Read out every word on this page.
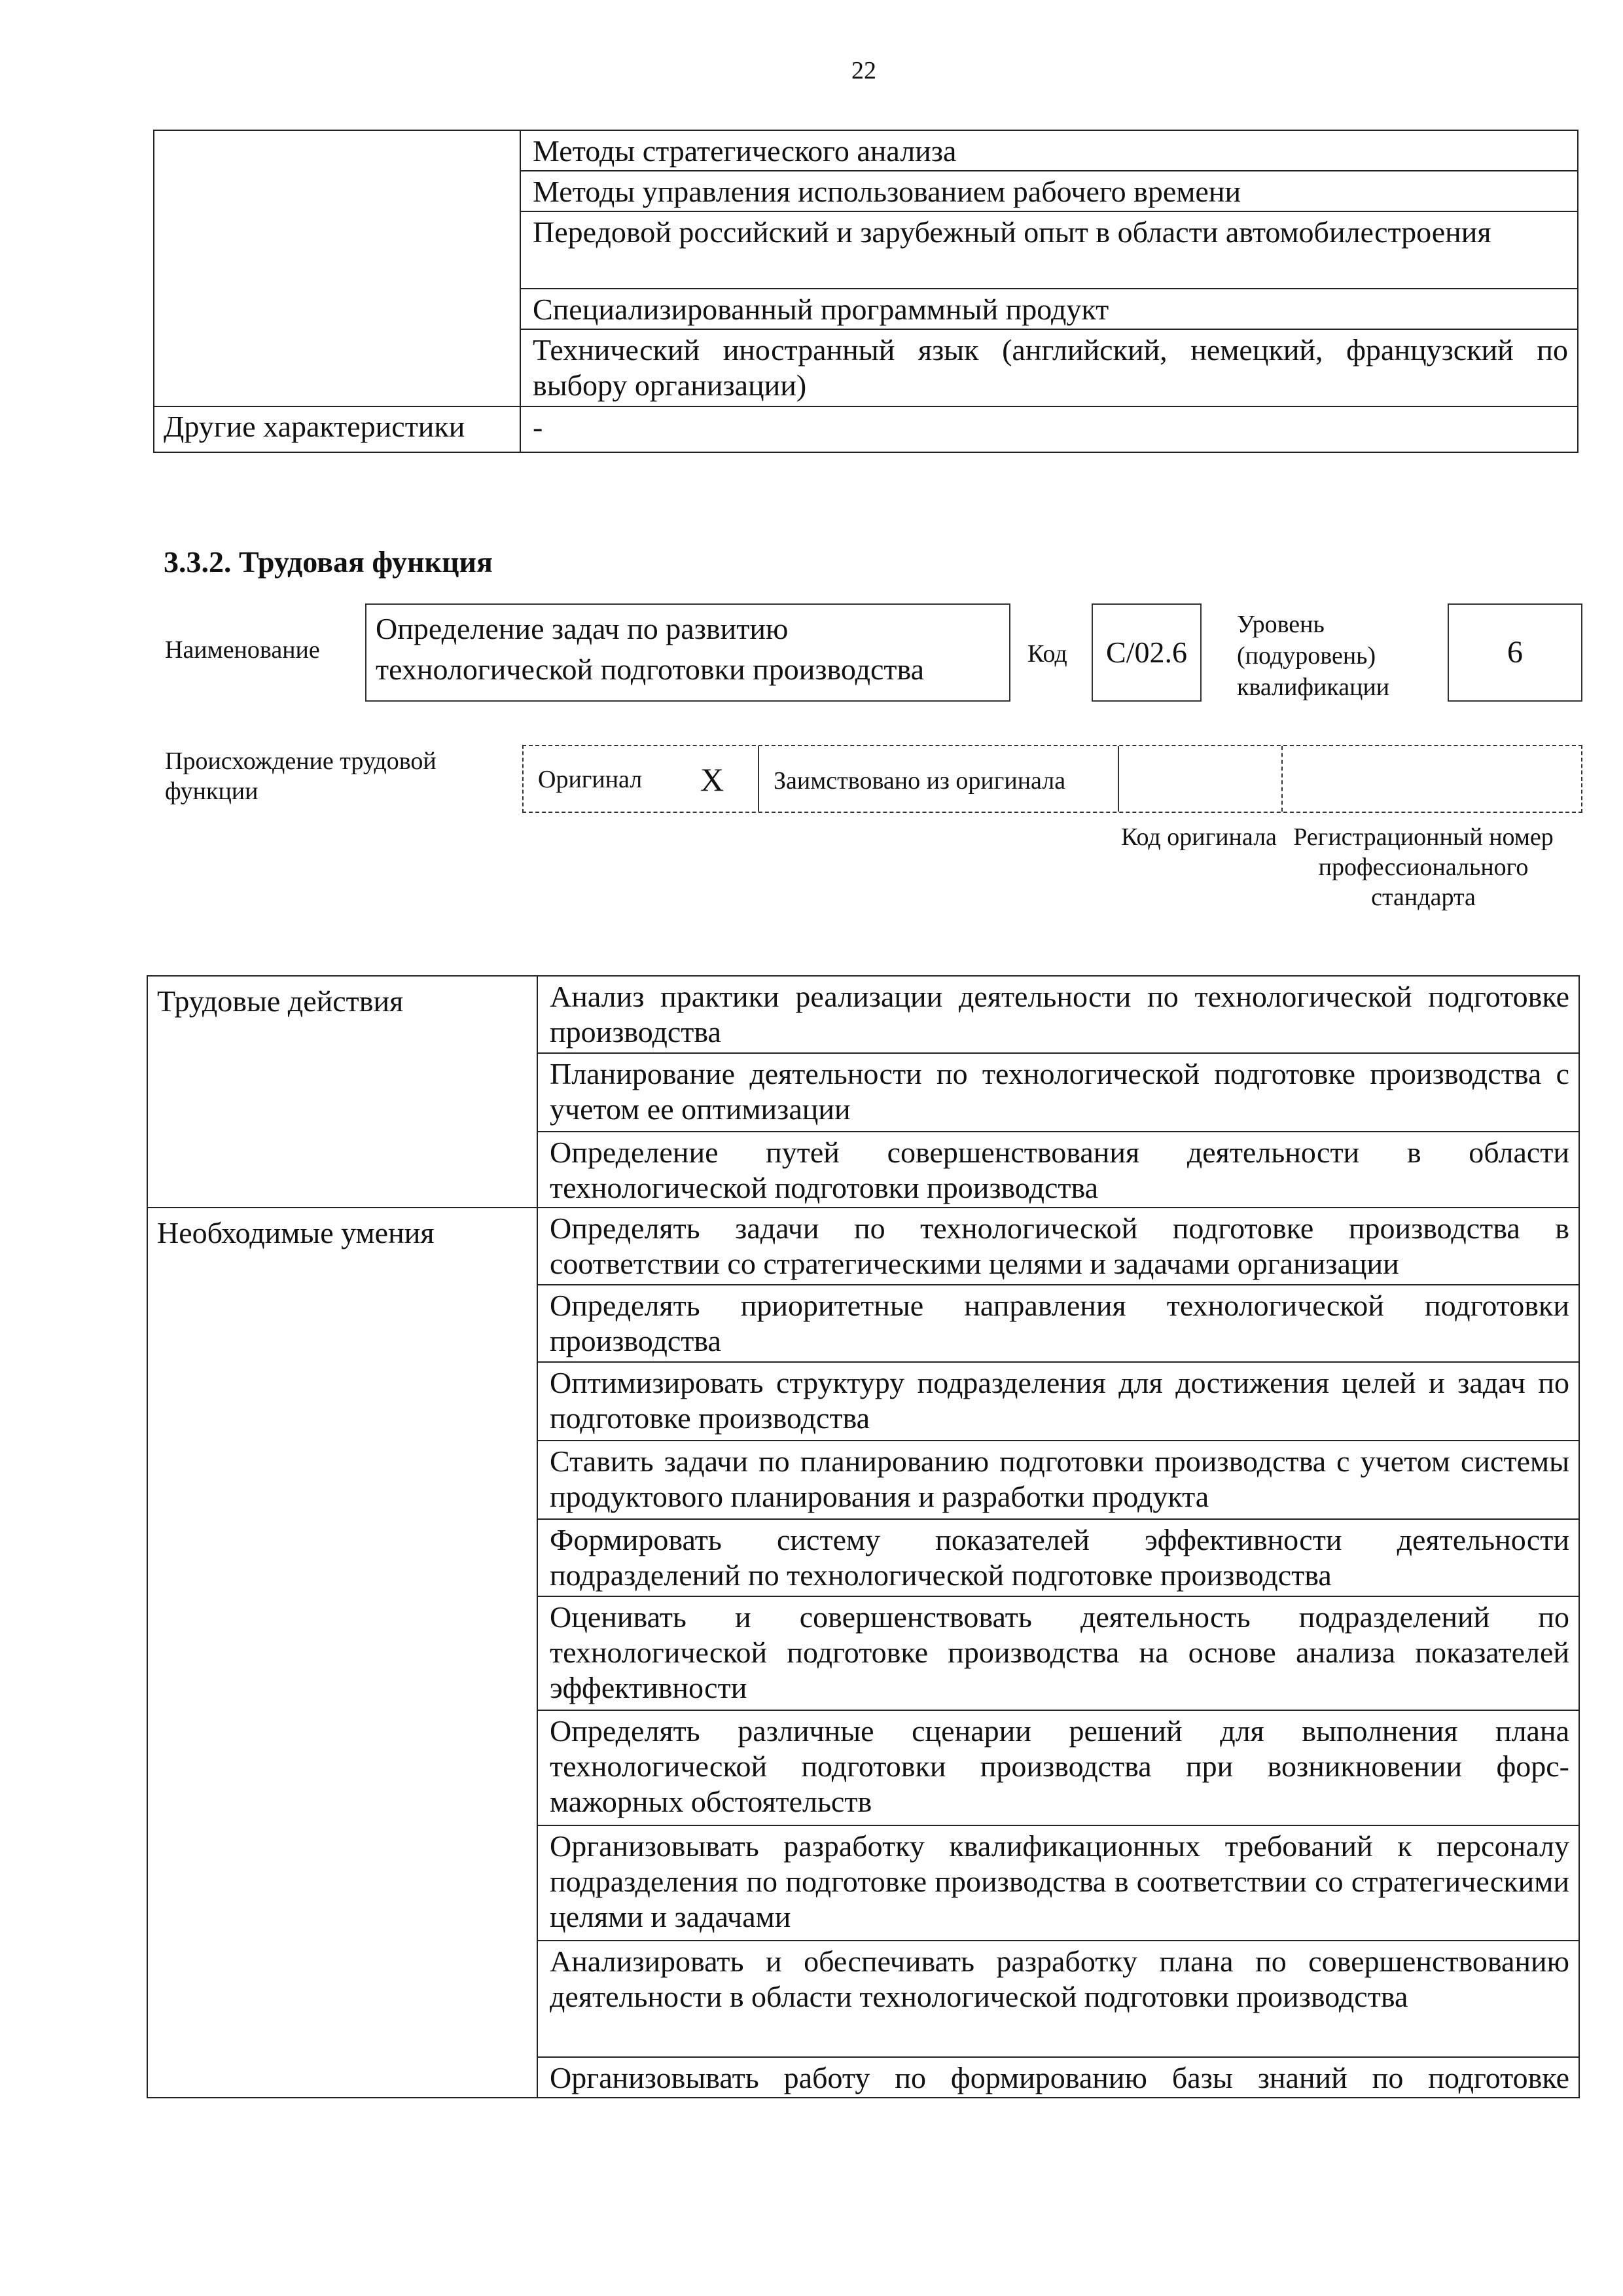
22
	Методы стратегического анализа
	Методы управления использованием рабочего времени
	Передовой российский и зарубежный опыт в области автомобилестроения
	Специализированный программный продукт
	Технический иностранный язык (английский, немецкий, французский по выбору организации)
Другие характеристики	-
3.3.2. Трудовая функция
Наименование
Определение задач по развитию технологической подготовки производства	Код	С/02.6
Уровень (подуровень) квалификации
6
Происхождение трудовой функции	Оригинал Х Заимствовано из оригинала
Код оригинала Регистрационный номер профессионального стандарта
Трудовые действия	Анализ практики реализации деятельности по технологической подготовке производства
	Планирование деятельности по технологической подготовке производства с учетом ее оптимизации
	Определение путей совершенствования деятельности в области технологической подготовки производства
Необходимые умения	Определять задачи по технологической подготовке производства в соответствии со стратегическими целями и задачами организации
	Определять приоритетные направления технологической подготовки производства
	Оптимизировать структуру подразделения для достижения целей и задач по подготовке производства
	Ставить задачи по планированию подготовки производства с учетом системы продуктового планирования и разработки продукта
	Формировать систему показателей эффективности деятельности подразделений по технологической подготовке производства
	Оценивать и совершенствовать деятельность подразделений по технологической подготовке производства на основе анализа показателей эффективности
	Определять различные сценарии решений для выполнения плана технологической подготовки производства при возникновении форс-мажорных обстоятельств
	Организовывать разработку квалификационных требований к персоналу подразделения по подготовке производства в соответствии со стратегическими целями и задачами
	Анализировать и обеспечивать разработку плана по совершенствованию деятельности в области технологической подготовки производства
	Организовывать работу по формированию базы знаний по подготовке
